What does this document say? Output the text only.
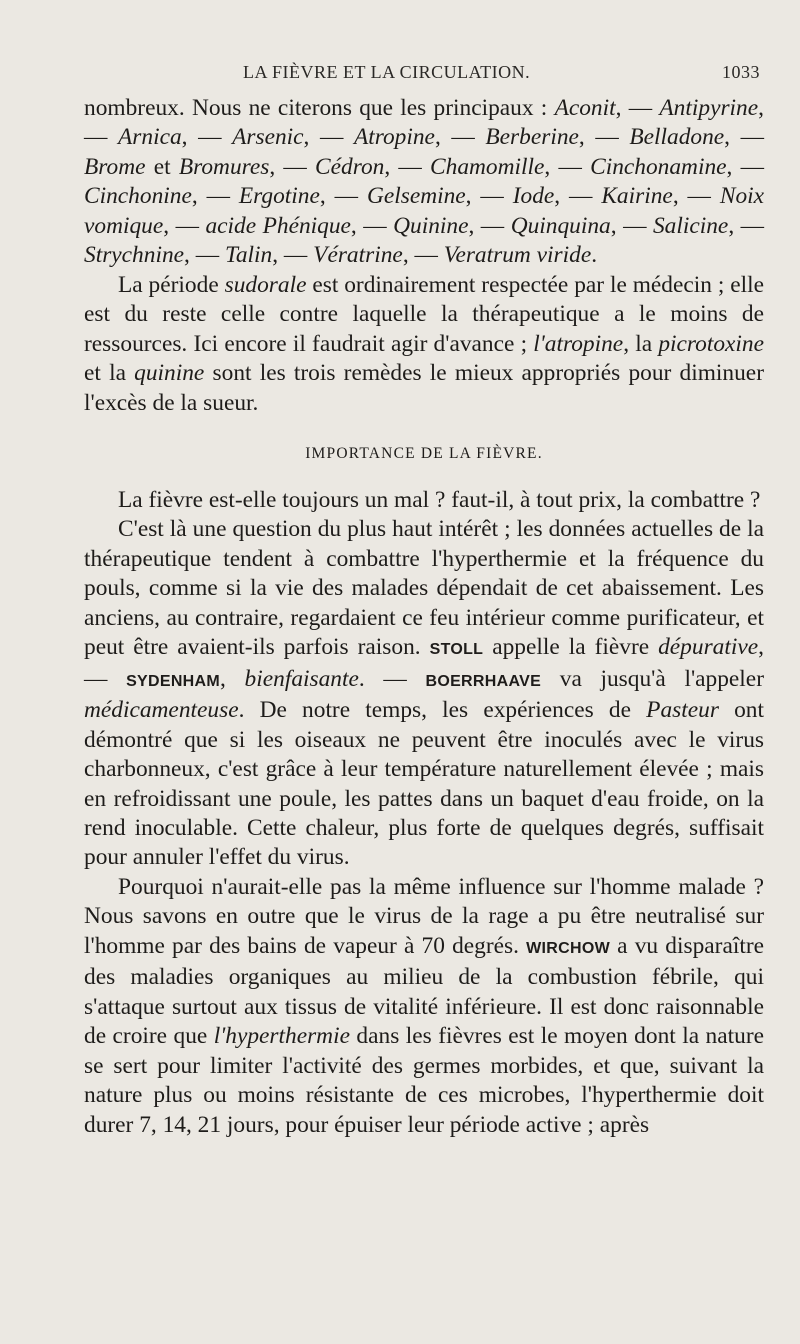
LA FIÈVRE ET LA CIRCULATION.	1033

nombreux. Nous ne citerons que les principaux : Aconit, — Antipyrine, — Arnica, — Arsenic, — Atropine, — Berberine, — Belladone, — Brome et Bromures, — Cédron, — Chamomille, — Cinchonamine, — Cinchonine, — Ergotine, — Gelsemine, — Iode, — Kairine, — Noix vomique, — acide Phénique, — Quinine, — Quinquina, — Salicine, — Strychnine, — Talin, — Vératrine, — Veratrum viride.

La période sudorale est ordinairement respectée par le médecin ; elle est du reste celle contre laquelle la thérapeutique a le moins de ressources. Ici encore il faudrait agir d'avance ; l'atropine, la picrotoxine et la quinine sont les trois remèdes le mieux appropriés pour diminuer l'excès de la sueur.

IMPORTANCE DE LA FIÈVRE.

La fièvre est-elle toujours un mal ? faut-il, à tout prix, la combattre ?

C'est là une question du plus haut intérêt ; les données actuelles de la thérapeutique tendent à combattre l'hyperthermie et la fréquence du pouls, comme si la vie des malades dépendait de cet abaissement. Les anciens, au contraire, regardaient ce feu intérieur comme purificateur, et peut être avaient-ils parfois raison. STOLL appelle la fièvre dépurative, — SYDENHAM, bienfaisante. — BOERRHAAVE va jusqu'à l'appeler médicamenteuse. De notre temps, les expériences de Pasteur ont démontré que si les oiseaux ne peuvent être inoculés avec le virus charbonneux, c'est grâce à leur température naturellement élevée ; mais en refroidissant une poule, les pattes dans un baquet d'eau froide, on la rend inoculable. Cette chaleur, plus forte de quelques degrés, suffisait pour annuler l'effet du virus.

Pourquoi n'aurait-elle pas la même influence sur l'homme malade ? Nous savons en outre que le virus de la rage a pu être neutralisé sur l'homme par des bains de vapeur à 70 degrés. WIRCHOW a vu disparaître des maladies organiques au milieu de la combustion fébrile, qui s'attaque surtout aux tissus de vitalité inférieure. Il est donc raisonnable de croire que l'hyperthermie dans les fièvres est le moyen dont la nature se sert pour limiter l'activité des germes morbides, et que, suivant la nature plus ou moins résistante de ces microbes, l'hyperthermie doit durer 7, 14, 21 jours, pour épuiser leur période active ; après
